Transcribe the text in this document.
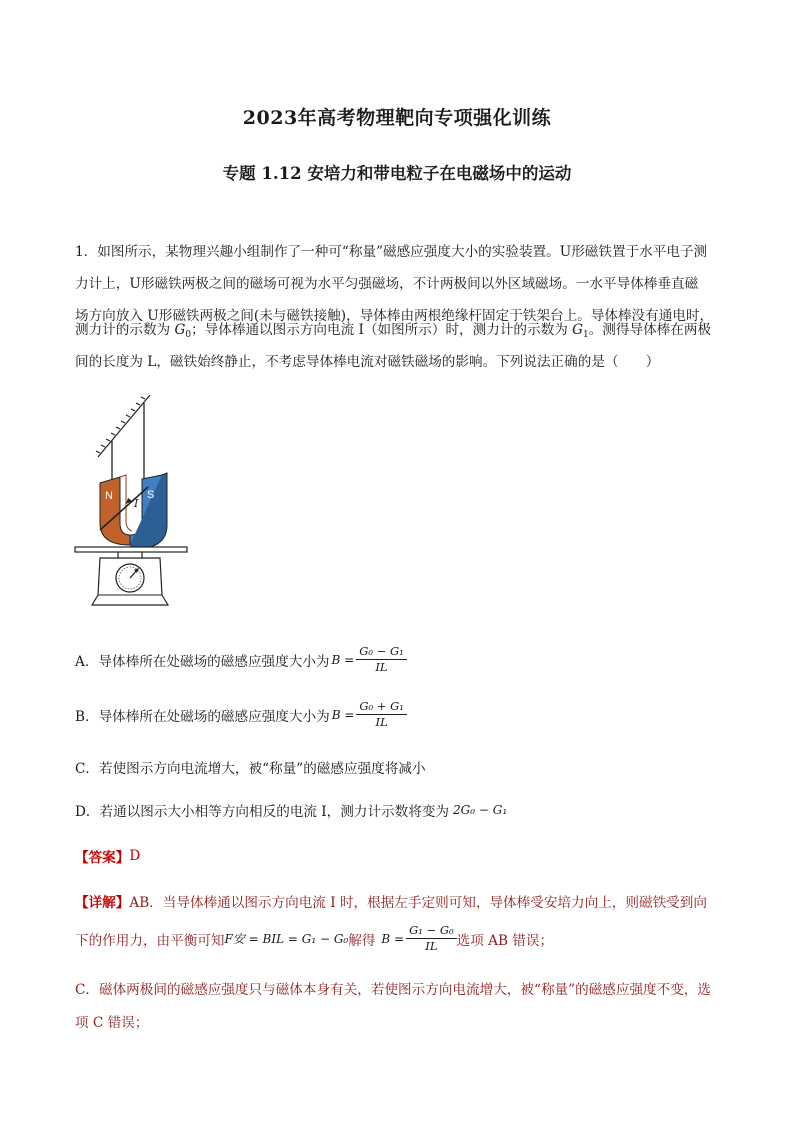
2023年高考物理靶向专项强化训练
专题 1.12 安培力和带电粒子在电磁场中的运动
1．如图所示，某物理兴趣小组制作了一种可“称量”磁感应强度大小的实验装置。U形磁铁置于水平电子测
力计上，U形磁铁两极之间的磁场可视为水平匀强磁场，不计两极间以外区域磁场。一水平导体棒垂直磁
场方向放入 U形磁铁两极之间(未与磁铁接触)，导体棒由两根绝缘杆固定于铁架台上。导体棒没有通电时，
测力计的示数为 $G_0$；导体棒通以图示方向电流 I（如图所示）时，测力计的示数为 $G_1$。测得导体棒在两极
间的长度为 L，磁铁始终静止，不考虑导体棒电流对磁铁磁场的影响。下列说法正确的是（　　）
N	S
I
A．导体棒所在处磁场的磁感应强度大小为 $B = \frac{\text{G₀ − G₁}}{IL}$
B．导体棒所在处磁场的磁感应强度大小为 $B = \frac{\text{G₀ + G₁}}{IL}$
C．若使图示方向电流增大，被“称量”的磁感应强度将减小
D．若通以图示大小相等方向相反的电流 I，测力计示数将变为 2G₀ − G₁
【答案】 D
【详解】 AB．当导体棒通以图示方向电流 I 时，根据左手定则可知，导体棒受安培力向上，则磁铁受到向
下的作用力，由平衡可知 F安 = BIL = G₁ − G₀ 解得 $B = \frac{\text{G₁ − G₀}}{IL}$ 选项 AB 错误；
C．磁体两极间的磁感应强度只与磁体本身有关，若使图示方向电流增大，被“称量”的磁感应强度不变，选
项 C 错误；
